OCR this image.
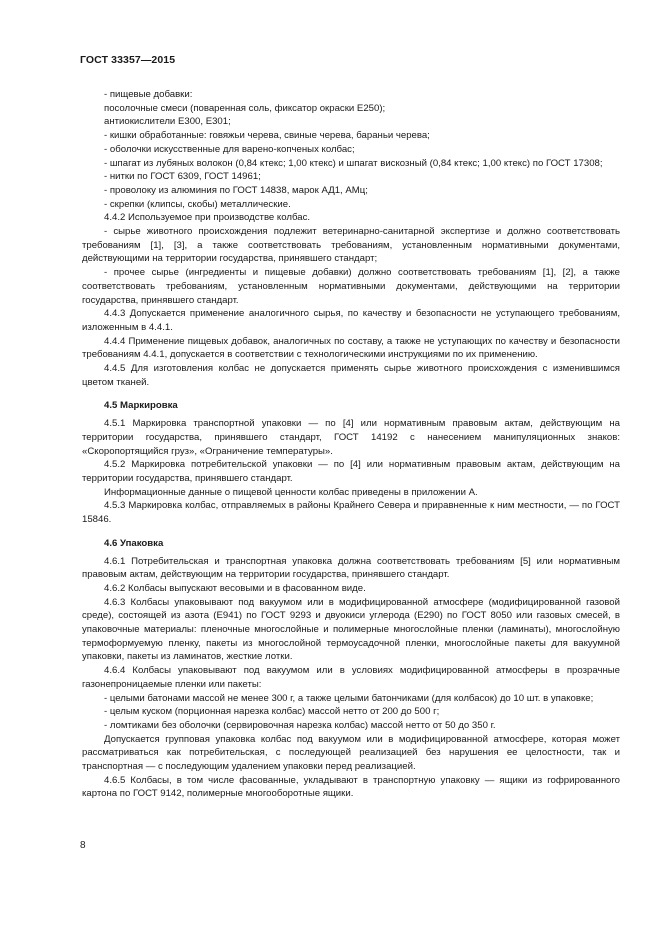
ГОСТ 33357—2015

- пищевые добавки:

посолочные смеси (поваренная соль, фиксатор окраски Е250);

антиокислители Е300, Е301;

- кишки обработанные: говяжьи черева, свиные черева, бараньи черева;

- оболочки искусственные для варено-копченых колбас;

- шпагат из лубяных волокон (0,84 ктекс; 1,00 ктекс) и шпагат вискозный (0,84 ктекс; 1,00 ктекс) по ГОСТ 17308;

- нитки по ГОСТ 6309, ГОСТ 14961;

- проволоку из алюминия по ГОСТ 14838, марок АД1, АМц;

- скрепки (клипсы, скобы) металлические.

4.4.2 Используемое при производстве колбас.

- сырье животного происхождения подлежит ветеринарно-санитарной экспертизе и должно соответствовать требованиям [1], [3], а также соответствовать требованиям, установленным нормативными документами, действующими на территории государства, принявшего стандарт;

- прочее сырье (ингредиенты и пищевые добавки) должно соответствовать требованиям [1], [2], а также соответствовать требованиям, установленным нормативными документами, действующими на территории государства, принявшего стандарт.

4.4.3 Допускается применение аналогичного сырья, по качеству и безопасности не уступающего требованиям, изложенным в 4.4.1.

4.4.4 Применение пищевых добавок, аналогичных по составу, а также не уступающих по качеству и безопасности требованиям 4.4.1, допускается в соответствии с технологическими инструкциями по их применению.

4.4.5 Для изготовления колбас не допускается применять сырье животного происхождения с изменившимся цветом тканей.

4.5 Маркировка

4.5.1 Маркировка транспортной упаковки — по [4] или нормативным правовым актам, действующим на территории государства, принявшего стандарт, ГОСТ 14192 с нанесением манипуляционных знаков: «Скоропортящийся груз», «Ограничение температуры».

4.5.2 Маркировка потребительской упаковки — по [4] или нормативным правовым актам, действующим на территории государства, принявшего стандарт.

Информационные данные о пищевой ценности колбас приведены в приложении А.

4.5.3 Маркировка колбас, отправляемых в районы Крайнего Севера и приравненные к ним местности, — по ГОСТ 15846.

4.6 Упаковка

4.6.1 Потребительская и транспортная упаковка должна соответствовать требованиям [5] или нормативным правовым актам, действующим на территории государства, принявшего стандарт.

4.6.2 Колбасы выпускают весовыми и в фасованном виде.

4.6.3 Колбасы упаковывают под вакуумом или в модифицированной атмосфере (модифицированной газовой среде), состоящей из азота (Е941) по ГОСТ 9293 и двуокиси углерода (Е290) по ГОСТ 8050 или газовых смесей, в упаковочные материалы: пленочные многослойные и полимерные многослойные пленки (ламинаты), многослойную термоформуемую пленку, пакеты из многослойной термоусадочной пленки, многослойные пакеты для вакуумной упаковки, пакеты из ламинатов, жесткие лотки.

4.6.4 Колбасы упаковывают под вакуумом или в условиях модифицированной атмосферы в прозрачные газонепроницаемые пленки или пакеты:

- целыми батонами массой не менее 300 г, а также целыми батончиками (для колбасок) до 10 шт. в упаковке;

- целым куском (порционная нарезка колбас) массой нетто от 200 до 500 г;

- ломтиками без оболочки (сервировочная нарезка колбас) массой нетто от 50 до 350 г.

Допускается групповая упаковка колбас под вакуумом или в модифицированной атмосфере, которая может рассматриваться как потребительская, с последующей реализацией без нарушения ее целостности, так и транспортная — с последующим удалением упаковки перед реализацией.

4.6.5 Колбасы, в том числе фасованные, укладывают в транспортную упаковку — ящики из гофрированного картона по ГОСТ 9142, полимерные многооборотные ящики.

8
